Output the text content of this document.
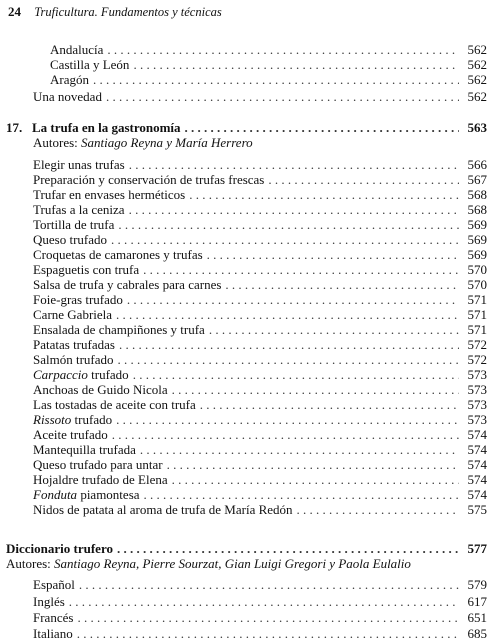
24 Truficultura. Fundamentos y técnicas
Andalucía . . .	562
Castilla y León . . .	562
Aragón . . .	562
Una novedad . . .	562
17. La trufa en la gastronomía . . .	563
Autores: Santiago Reyna y María Herrero
Elegir unas trufas . . .	566
Preparación y conservación de trufas frescas . . .	567
Trufar en envases herméticos . . .	568
Trufas a la ceniza . . .	568
Tortilla de trufa . . .	569
Queso trufado . . .	569
Croquetas de camarones y trufas . . .	569
Espaguetis con trufa . . .	570
Salsa de trufa y cabrales para carnes . . .	570
Foie-gras trufado . . .	571
Carne Gabriela . . .	571
Ensalada de champiñones y trufa . . .	571
Patatas trufadas . . .	572
Salmón trufado . . .	572
Carpaccio trufado . . .	573
Anchoas de Guido Nicola . . .	573
Las tostadas de aceite con trufa . . .	573
Rissoto trufado . . .	573
Aceite trufado . . .	574
Mantequilla trufada . . .	574
Queso trufado para untar . . .	574
Hojaldre trufado de Elena . . .	574
Fonduta piamontesa . . .	574
Nidos de patata al aroma de trufa de María Redón . . .	575
Diccionario trufero . . .	577
Autores: Santiago Reyna, Pierre Sourzat, Gian Luigi Gregori y Paola Eulalio
Español . . .	579
Inglés . . .	617
Francés . . .	651
Italiano . . .	685
